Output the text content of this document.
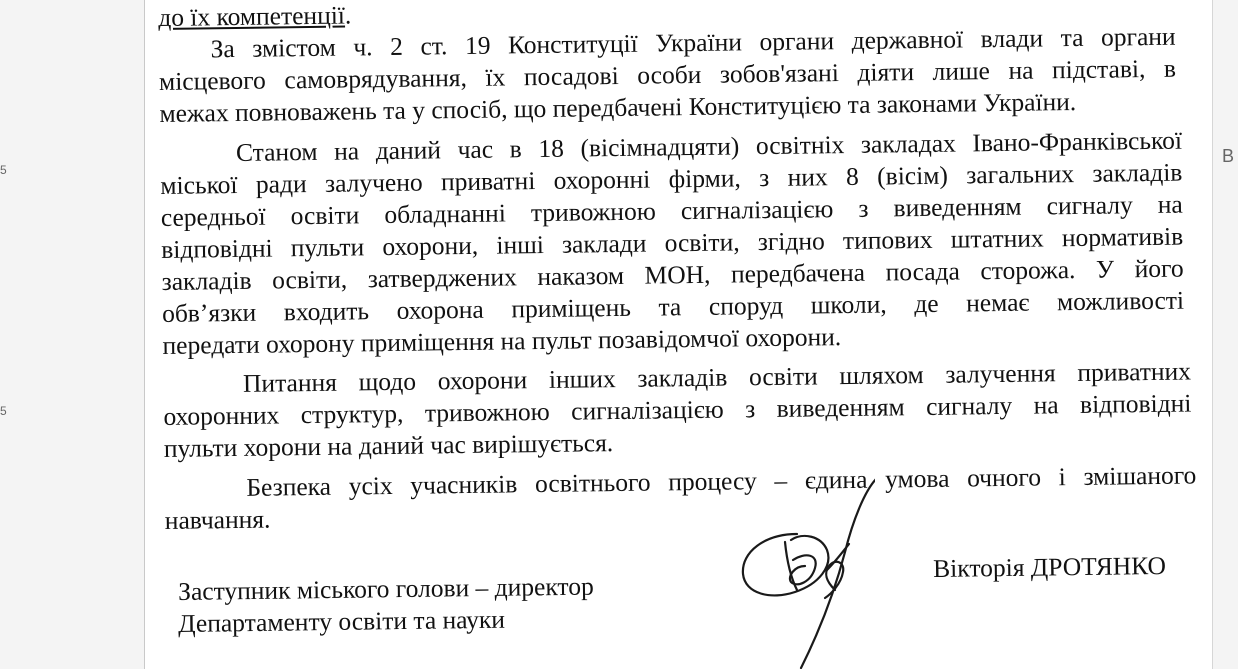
5
5
В
до їх компетенції.
За змістом ч. 2 ст. 19 Конституції України органи державної влади та органи
місцевого самоврядування, їх посадові особи зобов'язані діяти лише на підставі, в
межах повноважень та у спосіб, що передбачені Конституцією та законами України.
Станом на даний час в 18 (вісімнадцяти) освітніх закладах Івано-Франківської
міської ради залучено приватні охоронні фірми, з них 8 (вісім) загальних закладів
середньої освіти обладнанні тривожною сигналізацією з виведенням сигналу на
відповідні пульти охорони, інші заклади освіти, згідно типових штатних нормативів
закладів освіти, затверджених наказом МОН, передбачена посада сторожа. У його
обв’язки входить охорона приміщень та споруд школи, де немає можливості
передати охорону приміщення на пульт позавідомчої охорони.
Питання щодо охорони інших закладів освіти шляхом залучення приватних
охоронних структур, тривожною сигналізацією з виведенням сигналу на відповідні
пульти хорони на даний час вирішується.
Безпека усіх учасників освітнього процесу – єдина умова очного і змішаного
навчання.
Вікторія ДРОТЯНКО
Заступник міського голови – директор
Департаменту освіти та науки
